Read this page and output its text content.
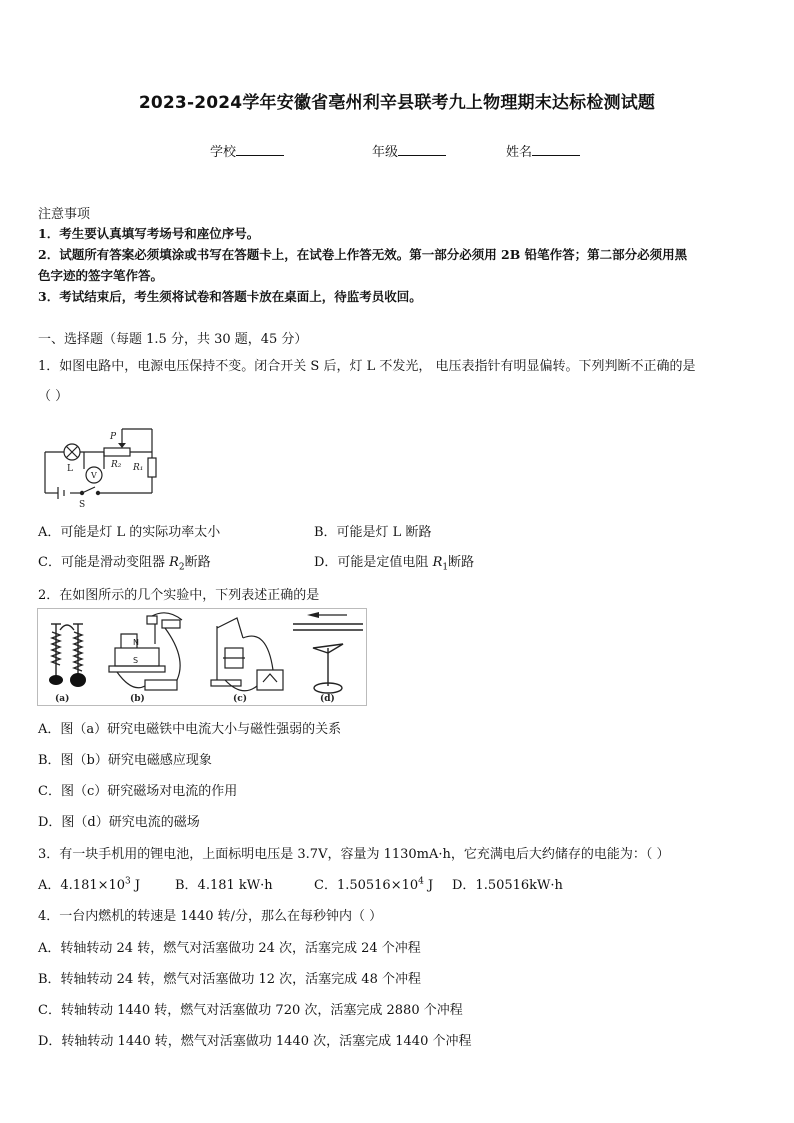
2023-2024学年安徽省亳州利辛县联考九上物理期末达标检测试题
学校	年级	姓名
注意事项
1．考生要认真填写考场号和座位序号。
2．试题所有答案必须填涂或书写在答题卡上，在试卷上作答无效。第一部分必须用 2B 铅笔作答；第二部分必须用黑
色字迹的签字笔作答。
3．考试结束后，考生须将试卷和答题卡放在桌面上，待监考员收回。
一、选择题（每题 1.5 分，共 30 题，45 分）
1．如图电路中，电源电压保持不变。闭合开关 S 后，灯 L 不发光， 电压表指针有明显偏转。下列判断不正确的是
（ ）
P
L
V
R₂ R₁
S
A．可能是灯 L 的实际功率太小	B．可能是灯 L 断路
C．可能是滑动变阻器 $R_2$断路	D．可能是定值电阻 $R_1$断路
2．在如图所示的几个实验中，下列表述正确的是
N
S
(a)	(b)	(c)	(d)
A．图（a）研究电磁铁中电流大小与磁性强弱的关系
B．图（b）研究电磁感应现象
C．图（c）研究磁场对电流的作用
D．图（d）研究电流的磁场
3．有一块手机用的锂电池，上面标明电压是 3.7V，容量为 1130mA·h，它充满电后大约储存的电能为：（ ）
A．$4.181\times 10^3$ J	B．4.181 kW·h	C．$1.50516\times 10^4$ J D．1.50516kW·h
4．一台内燃机的转速是 1440 转/分，那么在每秒钟内（ ）
A．转轴转动 24 转，燃气对活塞做功 24 次，活塞完成 24 个冲程
B．转轴转动 24 转，燃气对活塞做功 12 次，活塞完成 48 个冲程
C．转轴转动 1440 转，燃气对活塞做功 720 次，活塞完成 2880 个冲程
D．转轴转动 1440 转，燃气对活塞做功 1440 次，活塞完成 1440 个冲程
